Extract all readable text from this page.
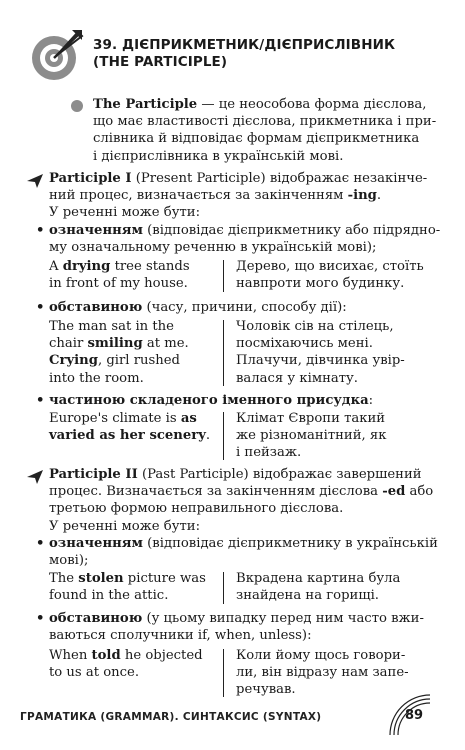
39. ДІЄПРИКМЕТНИК/ДІЄПРИСЛІВНИК (THE PARTICIPLE)
The Participle — це неособова форма дієслова,
що має властивості дієслова, прикметника і при-
слівника й відповідає формам дієприкметника
і дієприслівника в українській мові.
Participle I (Present Participle) відображає незакінче-
ний процес, визначається за закінченням -ing.
У реченні може бути:
• означенням (відповідає дієприкметнику або підрядно-
му означальному реченню в українській мові);
A drying tree stands
in front of my house.
Дерево, що висихає, стоїть
навпроти мого будинку.
• обставиною (часу, причини, способу дії):
The man sat in the
chair smiling at me.
Crying, girl rushed
into the room.
Чоловік сів на стілець,
посміхаючись мені.
Плачучи, дівчинка увір-
валася у кімнату.
• частиною складеного іменного присудка:
Europe's climate is as
varied as her scenery.
Клімат Європи такий
же різноманітний, як
і пейзаж.
Participle II (Past Participle) відображає завершений
процес. Визначається за закінченням дієслова -ed або
третьою формою неправильного дієслова.
У реченні може бути:
• означенням (відповідає дієприкметнику в українській
мові);
The stolen picture was
found in the attic.
Вкрадена картина була
знайдена на горищі.
• обставиною (у цьому випадку перед ним часто вжи-
ваються сполучники if, when, unless):
When told he objected
to us at once.
Коли йому щось говори-
ли, він відразу нам запе-
речував.
ГРАМАТИКА (GRAMMAR). СИНТАКСИС (SYNTAX)	89
